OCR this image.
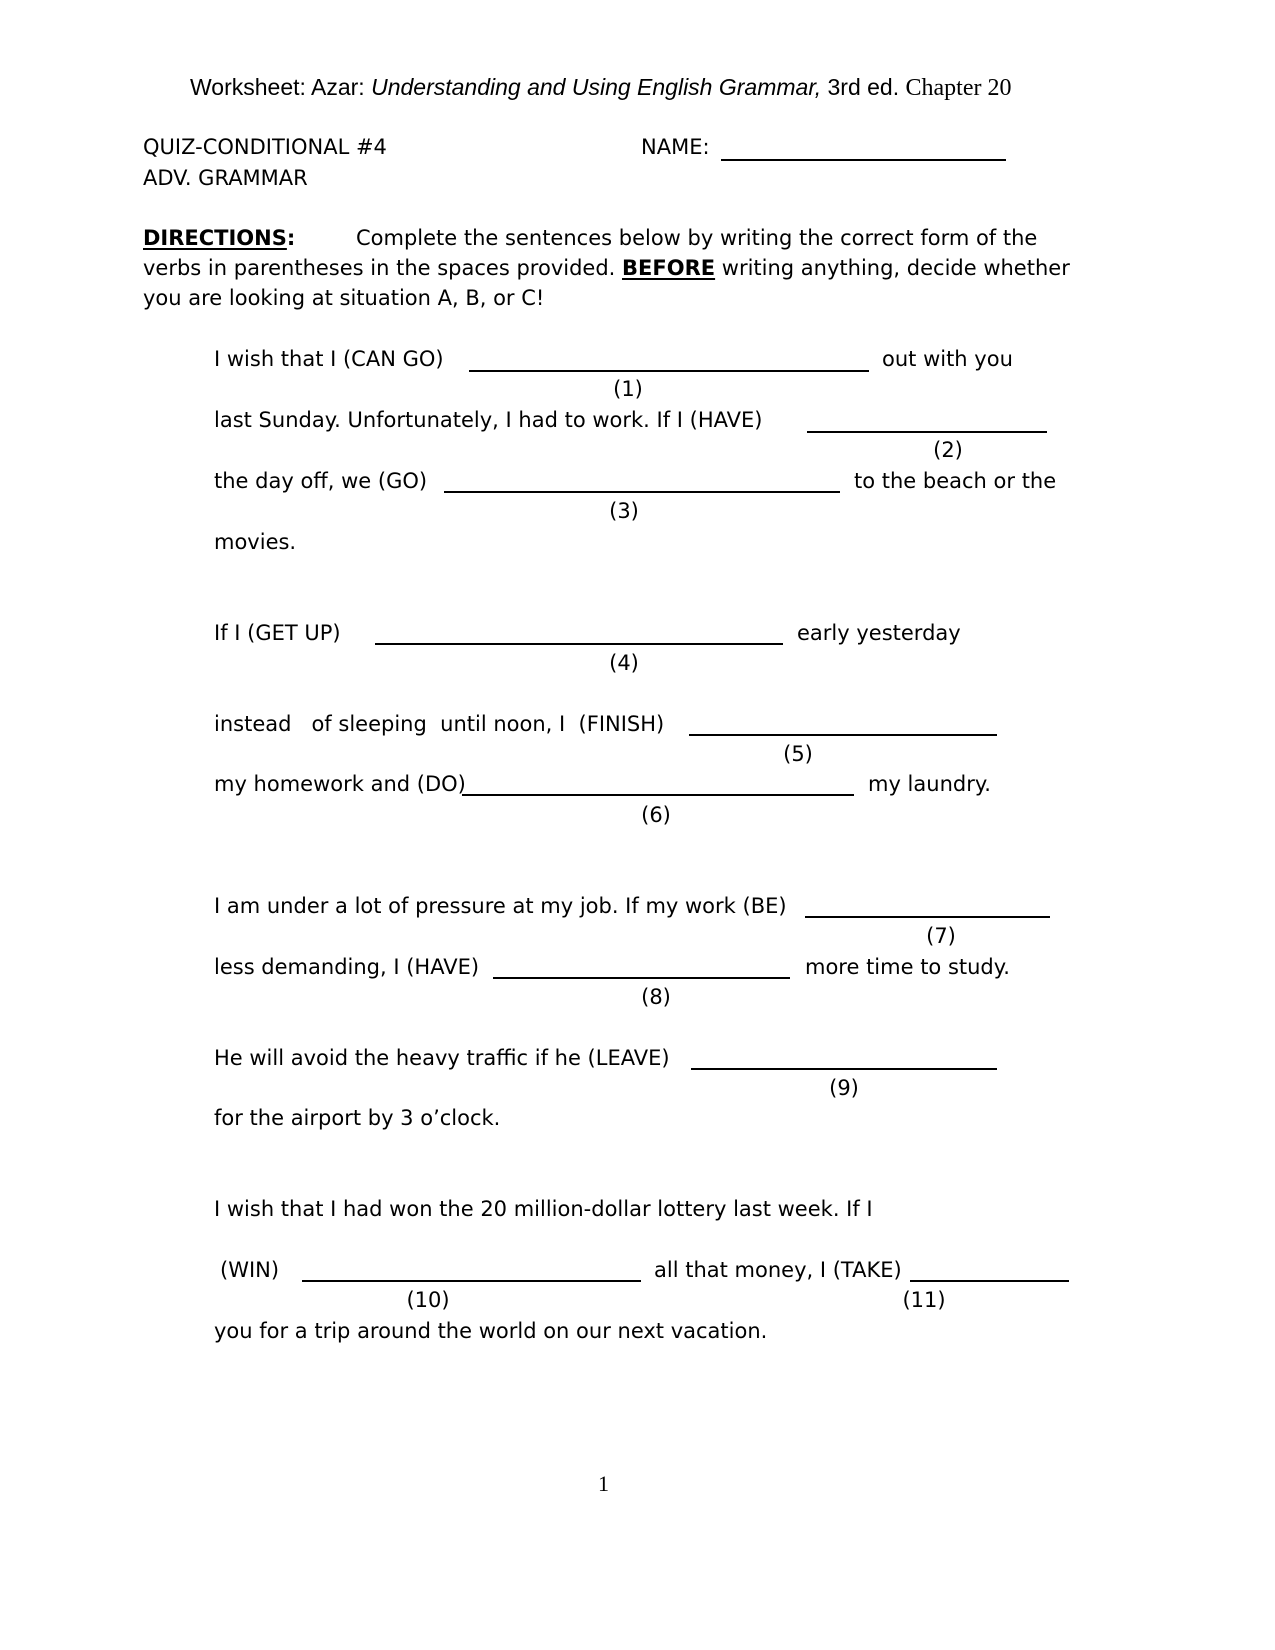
Worksheet: Azar: Understanding and Using English Grammar, 3rd ed. Chapter 20
QUIZ-CONDITIONAL #4
ADV. GRAMMAR
NAME:
DIRECTIONS:	Complete the sentences below by writing the correct form of the
verbs in parentheses in the spaces provided. BEFORE writing anything, decide whether
you are looking at situation A, B, or C!
I wish that I (CAN GO)	out with you
(1)
last Sunday. Unfortunately, I had to work. If I (HAVE)
(2)
the day off, we (GO)	to the beach or the
(3)
movies.
If I (GET UP)	early yesterday
(4)
instead   of sleeping  until noon, I  (FINISH)
(5)
my homework and (DO)	my laundry.
(6)
I am under a lot of pressure at my job. If my work (BE)
(7)
less demanding, I (HAVE)	more time to study.
(8)
He will avoid the heavy traffic if he (LEAVE)
(9)
for the airport by 3 o’clock.
I wish that I had won the 20 million-dollar lottery last week. If I
(WIN)	all that money, I (TAKE)
(10)	(11)
you for a trip around the world on our next vacation.
1
